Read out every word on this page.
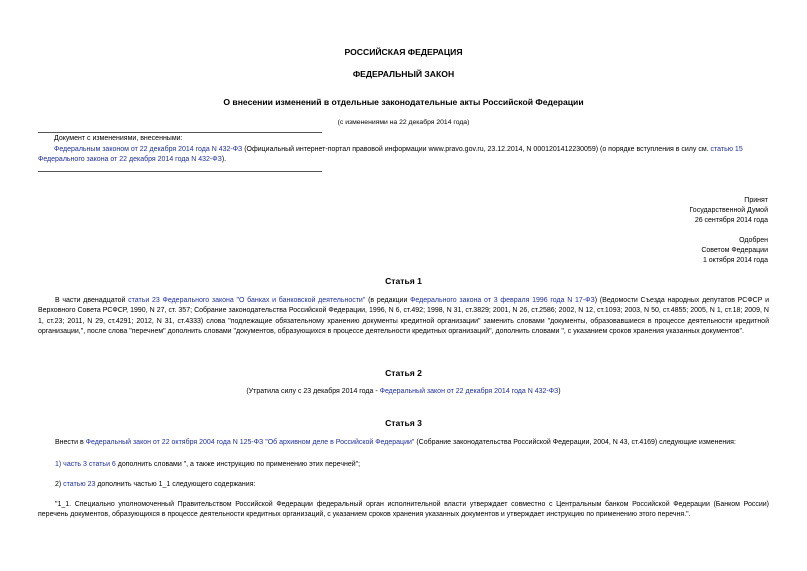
РОССИЙСКАЯ ФЕДЕРАЦИЯ
ФЕДЕРАЛЬНЫЙ ЗАКОН
О внесении изменений в отдельные законодательные акты Российской Федерации
(с изменениями на 22 декабря 2014 года)
Документ с изменениями, внесенными:
Федеральным законом от 22 декабря 2014 года N 432-ФЗ (Официальный интернет-портал правовой информации www.pravo.gov.ru, 23.12.2014, N 0001201412230059) (о порядке вступления в силу см. статью 15 Федерального закона от 22 декабря 2014 года N 432-ФЗ).
Принят
Государственной Думой
26 сентября 2014 года
Одобрен
Советом Федерации
1 октября 2014 года
Статья 1
В части двенадцатой статьи 23 Федерального закона "О банках и банковской деятельности" (в редакции Федерального закона от 3 февраля 1996 года N 17-ФЗ) (Ведомости Съезда народных депутатов РСФСР и Верховного Совета РСФСР, 1990, N 27, ст. 357; Собрание законодательства Российской Федерации, 1996, N 6, ст.492; 1998, N 31, ст.3829; 2001, N 26, ст.2586; 2002, N 12, ст.1093; 2003, N 50, ст.4855; 2005, N 1, ст.18; 2009, N 1, ст.23; 2011, N 29, ст.4291; 2012, N 31, ст.4333) слова "подлежащие обязательному хранению документы кредитной организации" заменить словами "документы, образовавшиеся в процессе деятельности кредитной организации,", после слова "перечнем" дополнить словами "документов, образующихся в процессе деятельности кредитных организаций", дополнить словами ", с указанием сроков хранения указанных документов".
Статья 2
(Утратила силу с 23 декабря 2014 года - Федеральный закон от 22 декабря 2014 года N 432-ФЗ)
Статья 3
Внести в Федеральный закон от 22 октября 2004 года N 125-ФЗ "Об архивном деле в Российской Федерации" (Собрание законодательства Российской Федерации, 2004, N 43, ст.4169) следующие изменения:
1) часть 3 статьи 6 дополнить словами ", а также инструкцию по применению этих перечней";
2) статью 23 дополнить частью 1_1 следующего содержания:
"1_1. Специально уполномоченный Правительством Российской Федерации федеральный орган исполнительной власти утверждает совместно с Центральным банком Российской Федерации (Банком России) перечень документов, образующихся в процессе деятельности кредитных организаций, с указанием сроков хранения указанных документов и утверждает инструкцию по применению этого перечня.".
